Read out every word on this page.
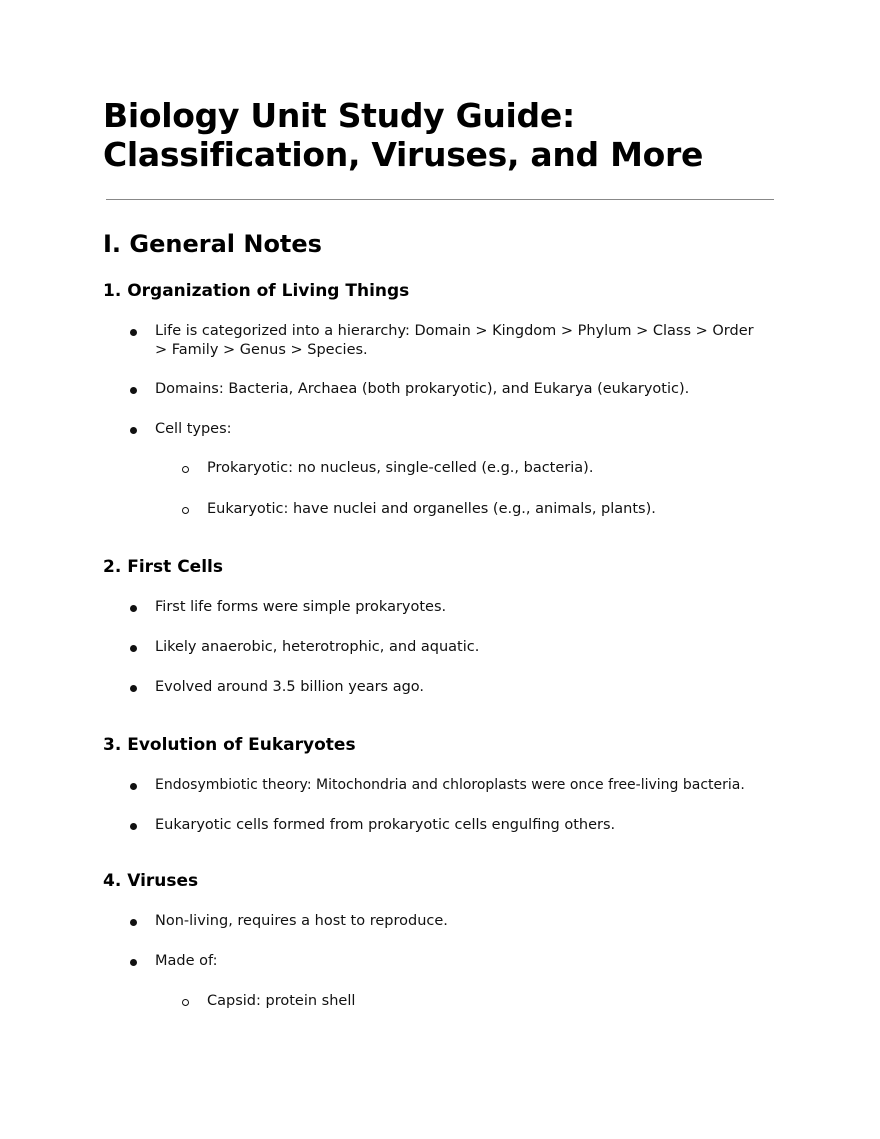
Biology Unit Study Guide: Classification, Viruses, and More
I. General Notes
1. Organization of Living Things
Life is categorized into a hierarchy: Domain > Kingdom > Phylum > Class > Order > Family > Genus > Species.
Domains: Bacteria, Archaea (both prokaryotic), and Eukarya (eukaryotic).
Cell types:
Prokaryotic: no nucleus, single-celled (e.g., bacteria).
Eukaryotic: have nuclei and organelles (e.g., animals, plants).
2. First Cells
First life forms were simple prokaryotes.
Likely anaerobic, heterotrophic, and aquatic.
Evolved around 3.5 billion years ago.
3. Evolution of Eukaryotes
Endosymbiotic theory: Mitochondria and chloroplasts were once free-living bacteria.
Eukaryotic cells formed from prokaryotic cells engulfing others.
4. Viruses
Non-living, requires a host to reproduce.
Made of:
Capsid: protein shell
